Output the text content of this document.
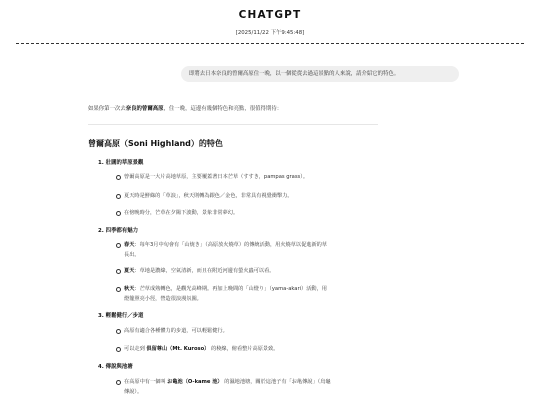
CHATGPT
[2025/11/22 下午9:45:48]
即將去日本奈良的曾爾高原住一晚，以一個從從去過這景點的人來說，請介紹它的特色。
如果你第一次去奈良的曾爾高原，住一晚，這邊有幾個特色和亮點，很值得期待：
曾爾高原（Soni Highland）的特色
1. 壯闊的草原景觀
曾爾高原是一大片高地草原，主要覆蓋著日本芒草（すすき，pampas grass）。
夏天時是鮮綠的「草浪」，秋天則轉為銀色／金色，非常具有視覺衝擊力。
在傍晚時分，芒草在夕陽下波動，景象非常夢幻。
2. 四季都有魅力
春天：每年3月中旬會有「山焼き」（高原放火燒草）的傳統活動，用火燒草以促進新的草
長出。
夏天：草地是濃綠，空氣清新，而且在附近河邊有螢火蟲可以看。
秋天：芒草成熟轉色，是觀光高峰期。再加上晚間的「山燈り」（yama-akari）活動，用
燈籠照亮小徑，營造很浪漫氛圍。
3. 輕鬆健行／步道
高原有適合各種體力的步道，可以輕鬆健行。
可以走到 俱留尊山（Mt. Kuroso） 的稜線，俯看整片高原景致。
4. 傳說與池塘
在高原中有一個叫 お亀池（O-kame 池） 的濕地池塘，關於這池子有「お亀傳說」（烏龜
傳說）。
